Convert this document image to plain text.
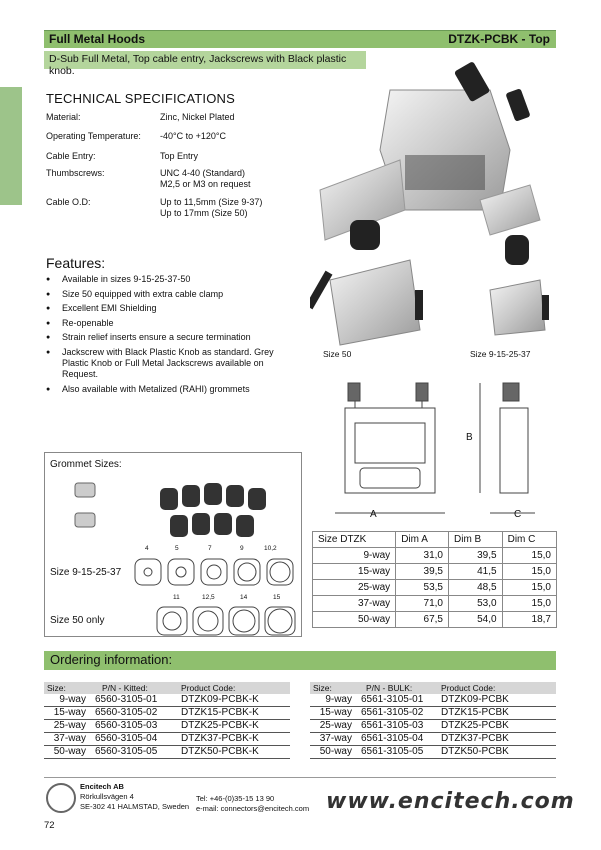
Full Metal Hoods	DTZK-PCBK - Top
D-Sub Full Metal, Top cable entry, Jackscrews with Black plastic knob.
TECHNICAL SPECIFICATIONS
Material:	Zinc, Nickel Plated
Operating Temperature: -40°C to +120°C
Cable Entry:	Top Entry
Thumbscrews:	UNC 4-40 (Standard)
M2,5 or M3 on request
Cable O.D:	Up to 11,5mm (Size 9-37)
Up to 17mm (Size 50)
Features:
● Available in sizes 9-15-25-37-50
● Size 50 equipped with extra cable clamp
● Excellent EMI Shielding
● Re-openable
● Strain relief inserts ensure a secure termination
● Jackscrew with Black Plastic Knob as standard. Grey Plastic Knob or Full Metal Jackscrews available on Request.
● Also available with Metalized (RAHI) grommets
Size 50	Size 9-15-25-37
A
B
C
Grommet Sizes:
Size 9-15-25-37
Size 50 only
4	5	7	9	10,2
11	12,5	14	15
Size DTZK	Dim A	Dim B	Dim C
9-way	31,0	39,5	15,0
15-way	39,5	41,5	15,0
25-way	53,5	48,5	15,0
37-way	71,0	53,0	15,0
50-way	67,5	54,0	18,7
Ordering information:
Size:	P/N - Kitted:	Product Code:
9-way	6560-3105-01	DTZK09-PCBK-K
15-way	6560-3105-02	DTZK15-PCBK-K
25-way	6560-3105-03	DTZK25-PCBK-K
37-way	6560-3105-04	DTZK37-PCBK-K
50-way	6560-3105-05	DTZK50-PCBK-K
Size:	P/N - BULK:	Product Code:
9-way	6561-3105-01	DTZK09-PCBK
15-way	6561-3105-02	DTZK15-PCBK
25-way	6561-3105-03	DTZK25-PCBK
37-way	6561-3105-04	DTZK37-PCBK
50-way	6561-3105-05	DTZK50-PCBK
Encitech AB
Rörkullsvägen 4
SE-302 41 HALMSTAD, Sweden
Tel: +46-(0)35-15 13 90
e-mail: connectors@encitech.com www.encitech.com
72
